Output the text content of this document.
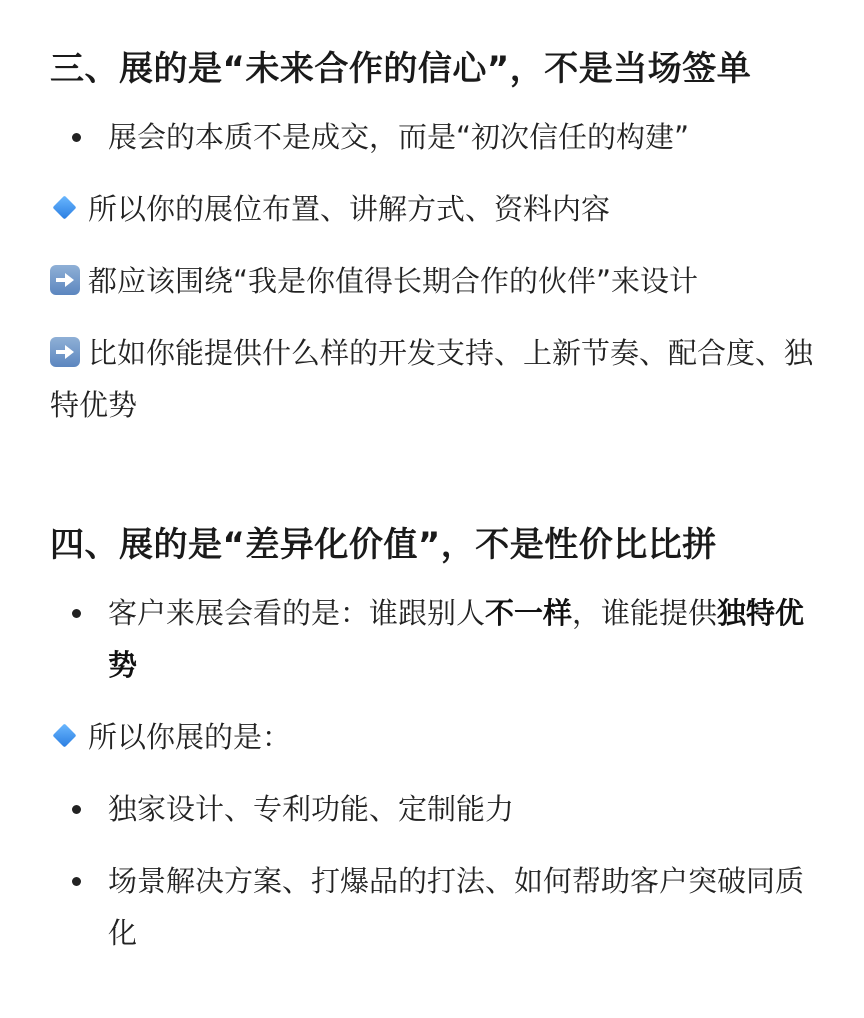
三、展的是“未来合作的信心”，不是当场签单
展会的本质不是成交，而是“初次信任的构建”

所以你的展位布置、讲解方式、资料内容

都应该围绕“我是你值得长期合作的伙伴”来设计

比如你能提供什么样的开发支持、上新节奏、配合度、独特优势

四、展的是“差异化价值”，不是性价比比拼
客户来展会看的是：谁跟别人不一样，谁能提供独特优势

所以你展的是：

独家设计、专利功能、定制能力
场景解决方案、打爆品的打法、如何帮助客户突破同质化
